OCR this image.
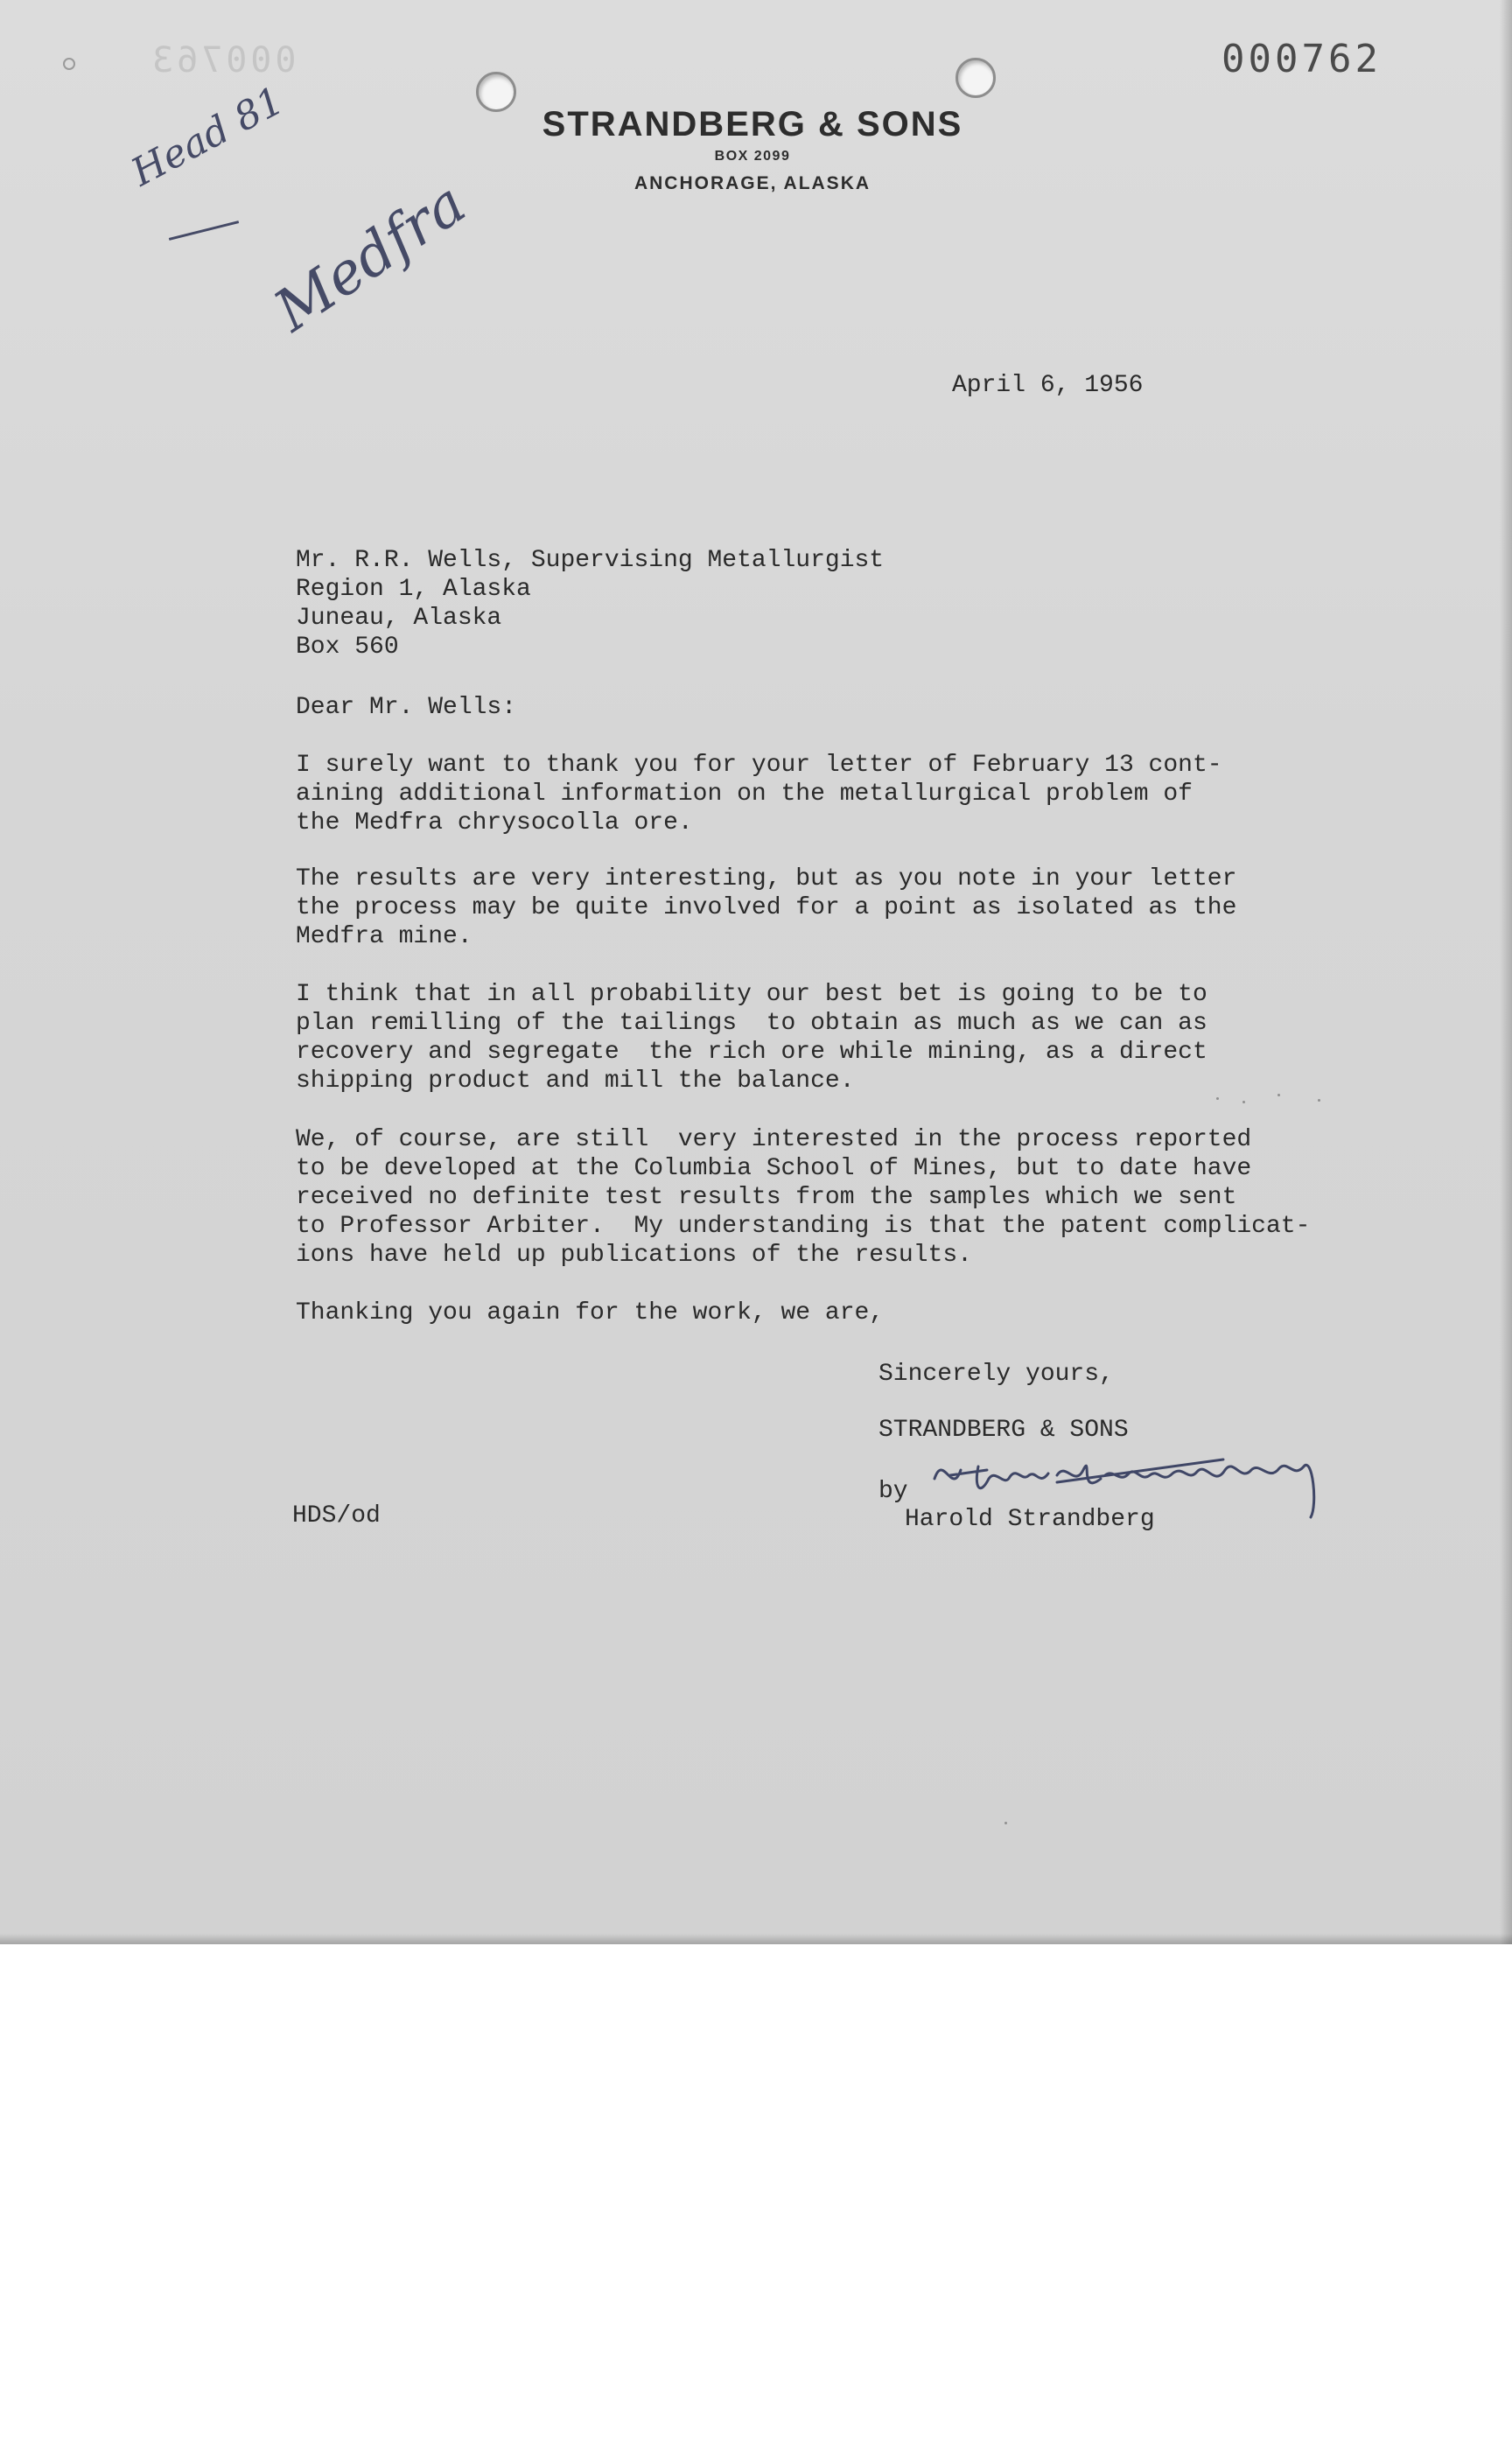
000763	000762
STRANDBERG & SONS
BOX 2099
ANCHORAGE, ALASKA
Head 81
Medfra
April 6, 1956
Mr. R.R. Wells, Supervising Metallurgist
Region 1, Alaska
Juneau, Alaska
Box 560
Dear Mr. Wells:
I surely want to thank you for your letter of February 13 cont-
aining additional information on the metallurgical problem of
the Medfra chrysocolla ore.
The results are very interesting, but as you note in your letter
the process may be quite involved for a point as isolated as the
Medfra mine.
I think that in all probability our best bet is going to be to
plan remilling of the tailings  to obtain as much as we can as
recovery and segregate  the rich ore while mining, as a direct
shipping product and mill the balance.
We, of course, are still  very interested in the process reported
to be developed at the Columbia School of Mines, but to date have
received no definite test results from the samples which we sent
to Professor Arbiter.  My understanding is that the patent complicat-
ions have held up publications of the results.
Thanking you again for the work, we are,
Sincerely yours,
STRANDBERG & SONS
by
Harold Strandberg
HDS/od
